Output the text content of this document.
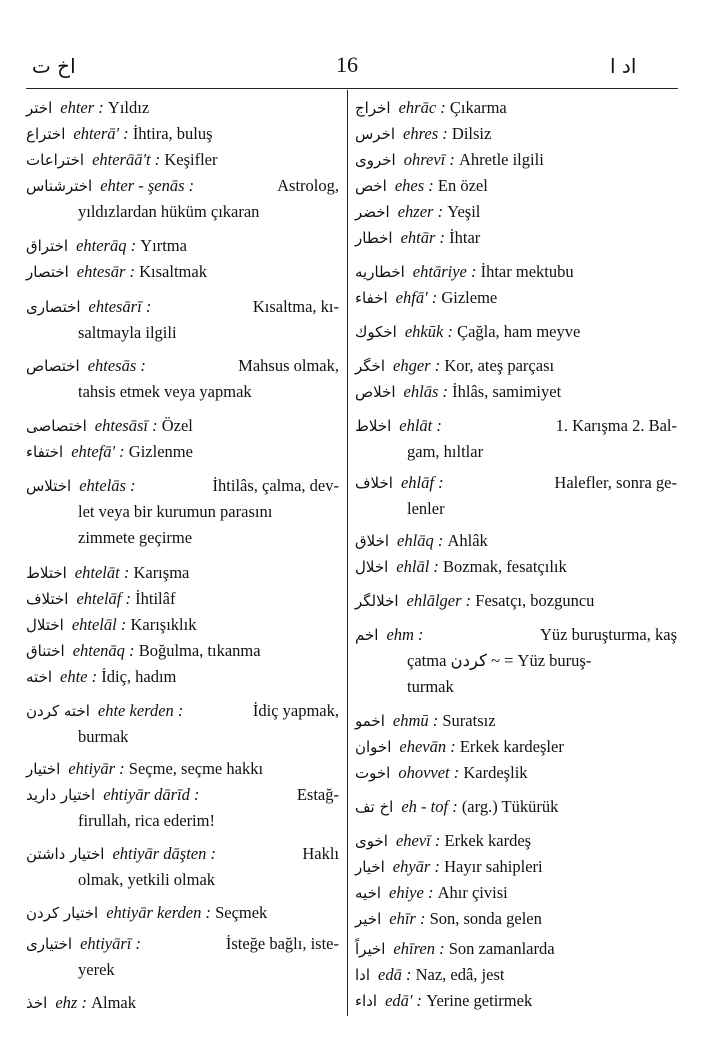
اخ ت	16	اد ا
اختر ehter : Yıldız
اختراع ehterā' : İhtira, buluş
اختراعات ehterāā't : Keşifler
اخترشناس ehter - şenās :	Astrolog,
yıldızlardan hüküm çıkaran
اختراق ehterāq : Yırtma
اختصار ehtesār : Kısaltmak
اختصاری ehtesārī :	Kısaltma, kı-
saltmayla ilgili
اختصاص ehtesās :	Mahsus olmak,
tahsis etmek veya yapmak
اختصاصی ehtesāsī : Özel
اختفاء ehtefā' : Gizlenme
اختلاس ehtelās :	İhtilâs, çalma, dev-
let veya bir kurumun parasını
zimmete geçirme
اختلاط ehtelāt : Karışma
اختلاف ehtelāf : İhtilâf
اختلال ehtelāl : Karışıklık
اختناق ehtenāq : Boğulma, tıkanma
اخته ehte : İdiç, hadım
اخته کردن ehte kerden :	İdiç yapmak,
burmak
اختيار ehtiyār : Seçme, seçme hakkı
اختيار داريد ehtiyār dārīd :	Estağ-
firullah, rica ederim!
اختيار داشتن ehtiyār dāşten :	Haklı
olmak, yetkili olmak
اختيار کردن ehtiyār kerden : Seçmek
اختياری ehtiyārī :	İsteğe bağlı, iste-
yerek
اخذ ehz : Almak
اخراج ehrāc : Çıkarma
اخرس ehres : Dilsiz
اخروی ohrevī : Ahretle ilgili
اخص ehes : En özel
اخضر ehzer : Yeşil
اخطار ehtār : İhtar
اخطاريه ehtāriye : İhtar mektubu
اخفاء ehfā' : Gizleme
اخكوك ehkūk : Çağla, ham meyve
اخگر ehger : Kor, ateş parçası
اخلاص ehlās : İhlâs, samimiyet
اخلاط ehlāt :	1. Karışma 2. Bal-
gam, hıltlar
اخلاف ehlāf :	Halefler, sonra ge-
lenler
اخلاق ehlāq : Ahlâk
اخلال ehlāl : Bozmak, fesatçılık
اخلالگر ehlālger : Fesatçı, bozguncu
اخم ehm :	Yüz buruşturma, kaş
çatma کردن ~ = Yüz buruş-
turmak
اخمو ehmū : Suratsız
اخوان ehevān : Erkek kardeşler
اخوت ohovvet : Kardeşlik
اخ تف eh - tof : (arg.) Tükürük
اخوی ehevī : Erkek kardeş
اخيار ehyār : Hayır sahipleri
اخيه ehiye : Ahır çivisi
اخير ehīr : Son, sonda gelen
اخيراً ehīren : Son zamanlarda
ادا edā : Naz, edâ, jest
اداء edā' : Yerine getirmek
